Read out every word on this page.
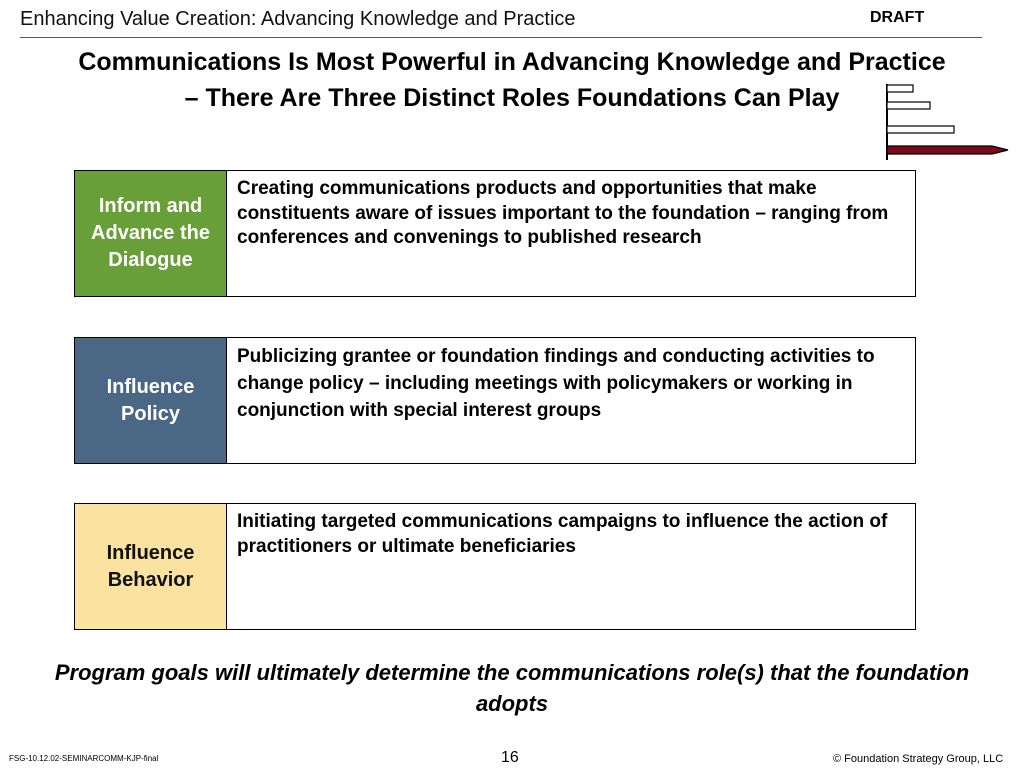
Enhancing Value Creation: Advancing Knowledge and Practice	DRAFT
Communications Is Most Powerful in Advancing Knowledge and Practice
– There Are Three Distinct Roles Foundations Can Play
Inform and Advance the Dialogue
Creating communications products and opportunities that make constituents aware of issues important to the foundation – ranging from conferences and convenings to published research
Influence Policy
Publicizing grantee or foundation findings and conducting activities to change policy – including meetings with policymakers or working in conjunction with special interest groups
Influence Behavior
Initiating targeted communications campaigns to influence the action of practitioners or ultimate beneficiaries
Program goals will ultimately determine the communications role(s) that the foundation adopts
FSG-10.12.02-SEMINARCOMM-KJP-final	16	© Foundation Strategy Group, LLC
